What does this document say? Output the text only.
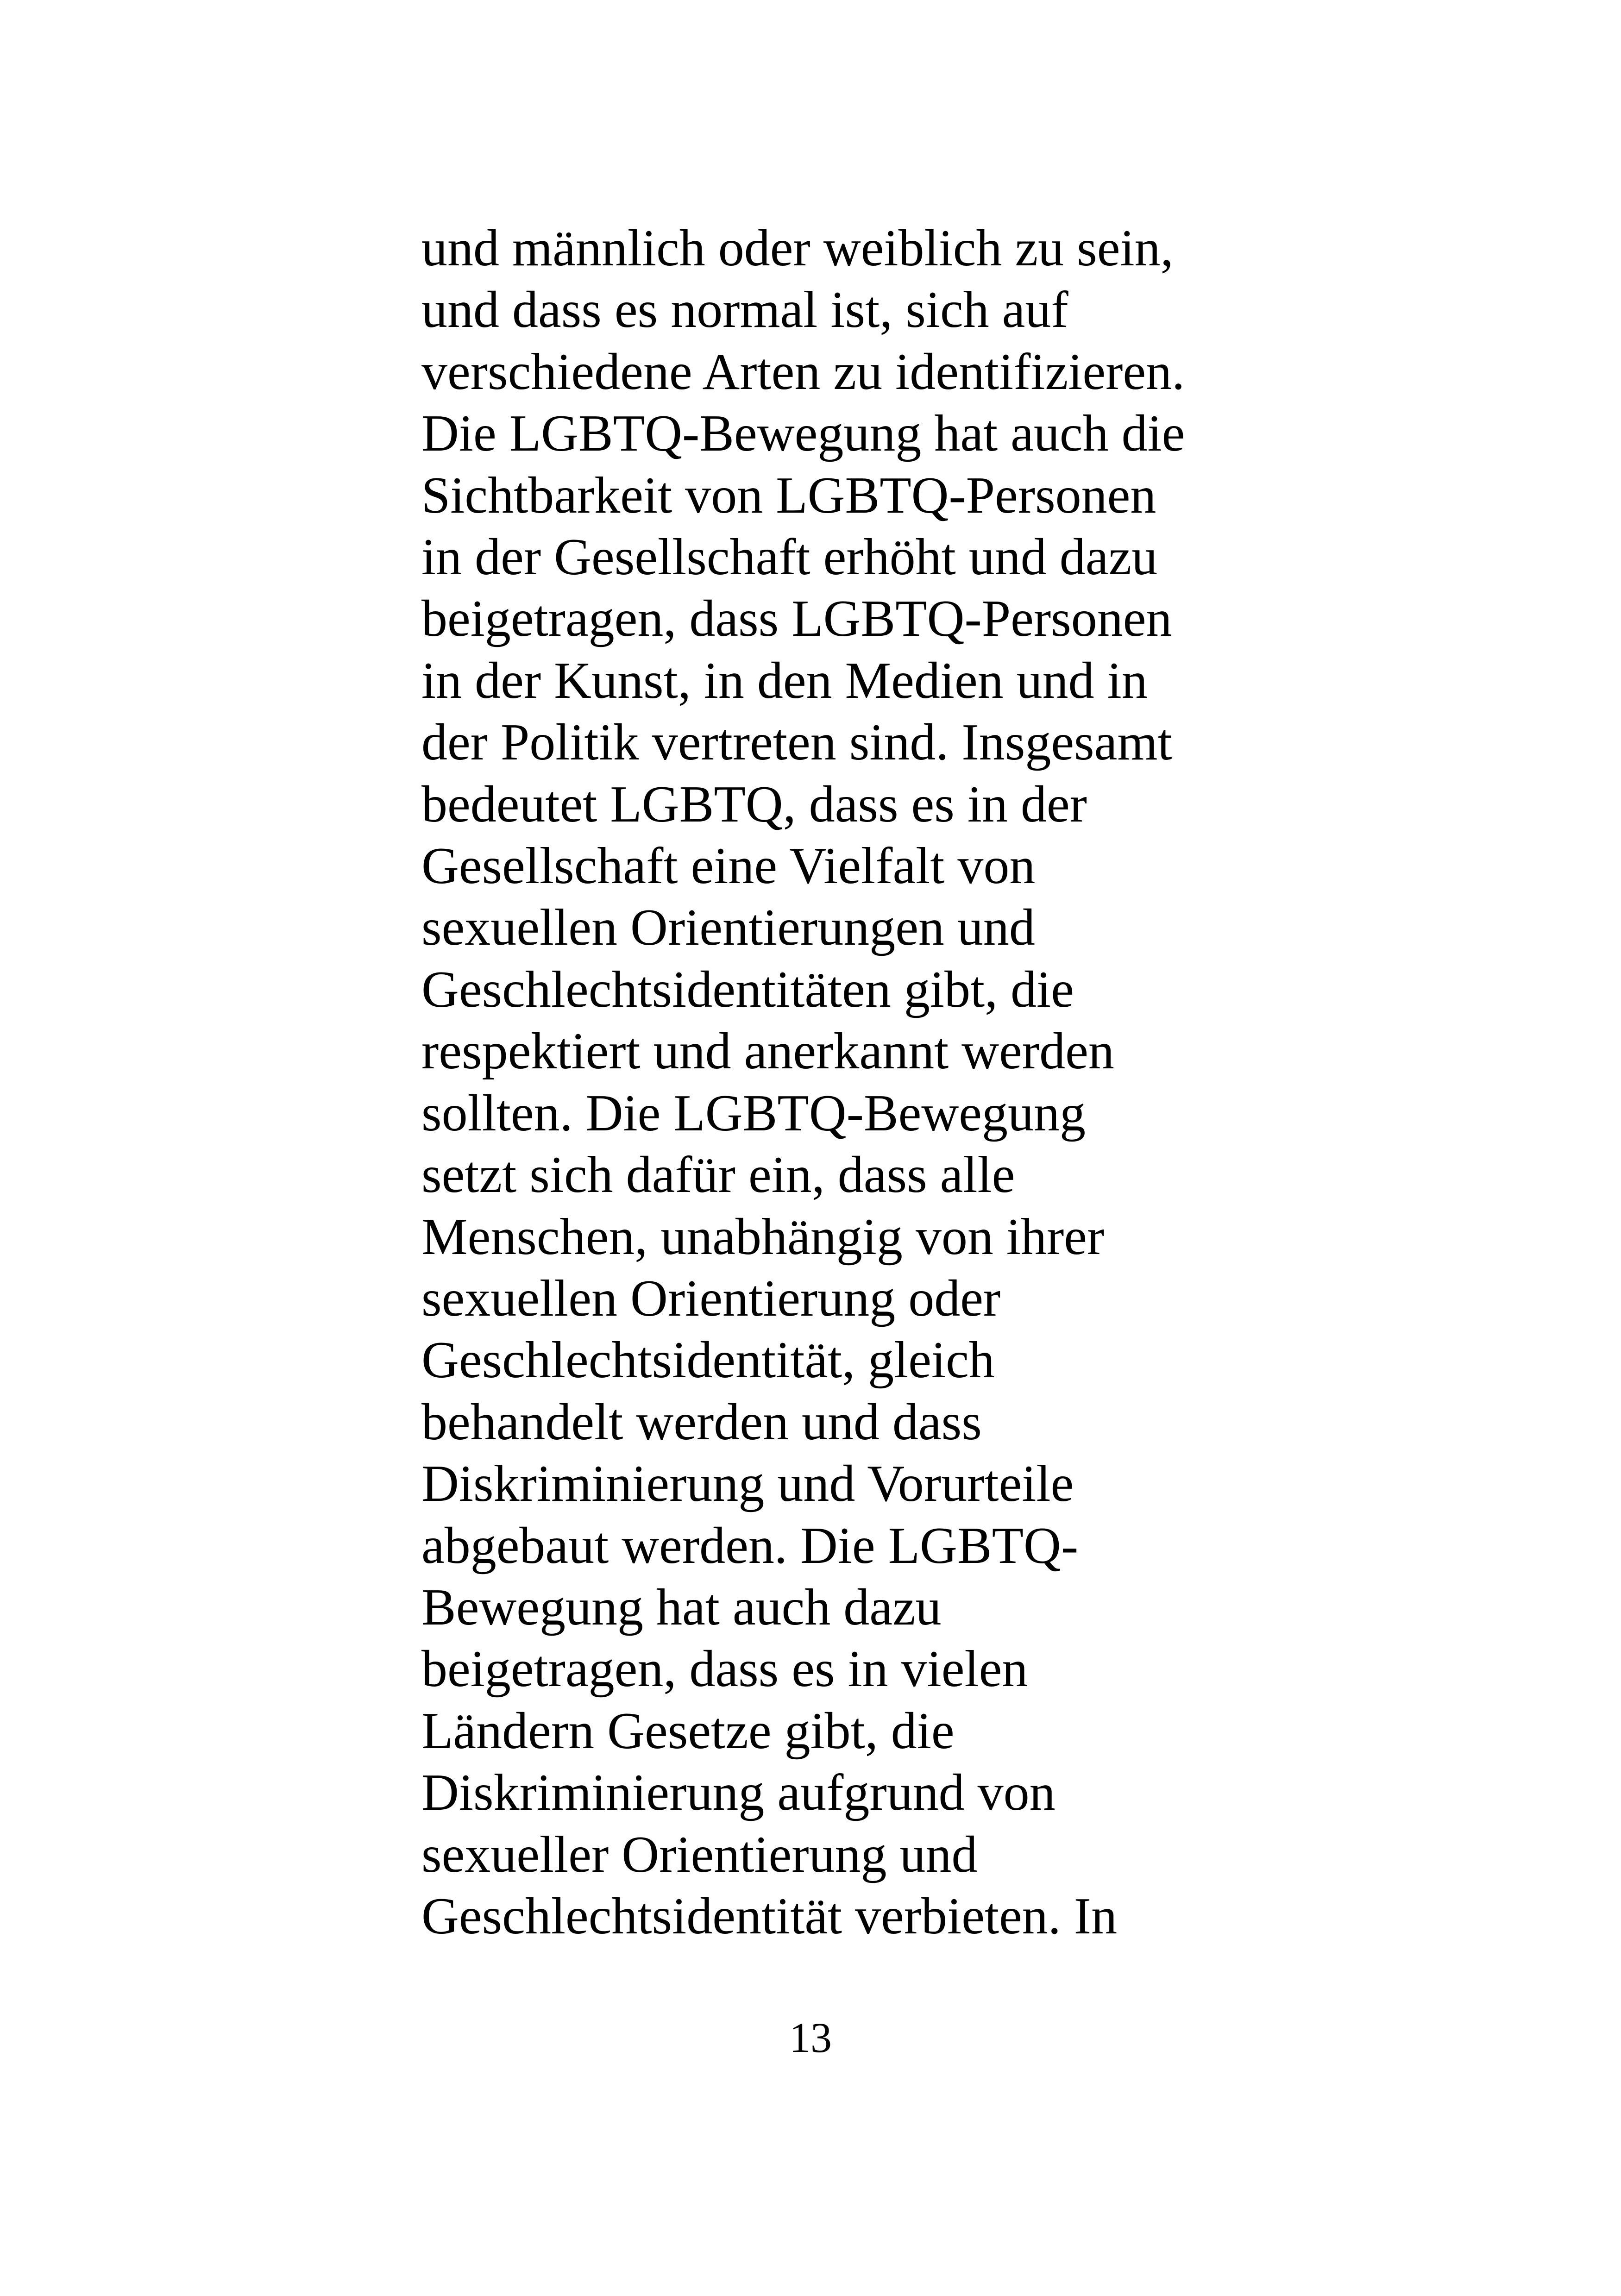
und männlich oder weiblich zu sein,
und dass es normal ist, sich auf
verschiedene Arten zu identifizieren.
Die LGBTQ-Bewegung hat auch die
Sichtbarkeit von LGBTQ-Personen
in der Gesellschaft erhöht und dazu
beigetragen, dass LGBTQ-Personen
in der Kunst, in den Medien und in
der Politik vertreten sind. Insgesamt
bedeutet LGBTQ, dass es in der
Gesellschaft eine Vielfalt von
sexuellen Orientierungen und
Geschlechtsidentitäten gibt, die
respektiert und anerkannt werden
sollten. Die LGBTQ-Bewegung
setzt sich dafür ein, dass alle
Menschen, unabhängig von ihrer
sexuellen Orientierung oder
Geschlechtsidentität, gleich
behandelt werden und dass
Diskriminierung und Vorurteile
abgebaut werden. Die LGBTQ-
Bewegung hat auch dazu
beigetragen, dass es in vielen
Ländern Gesetze gibt, die
Diskriminierung aufgrund von
sexueller Orientierung und
Geschlechtsidentität verbieten. In
13
